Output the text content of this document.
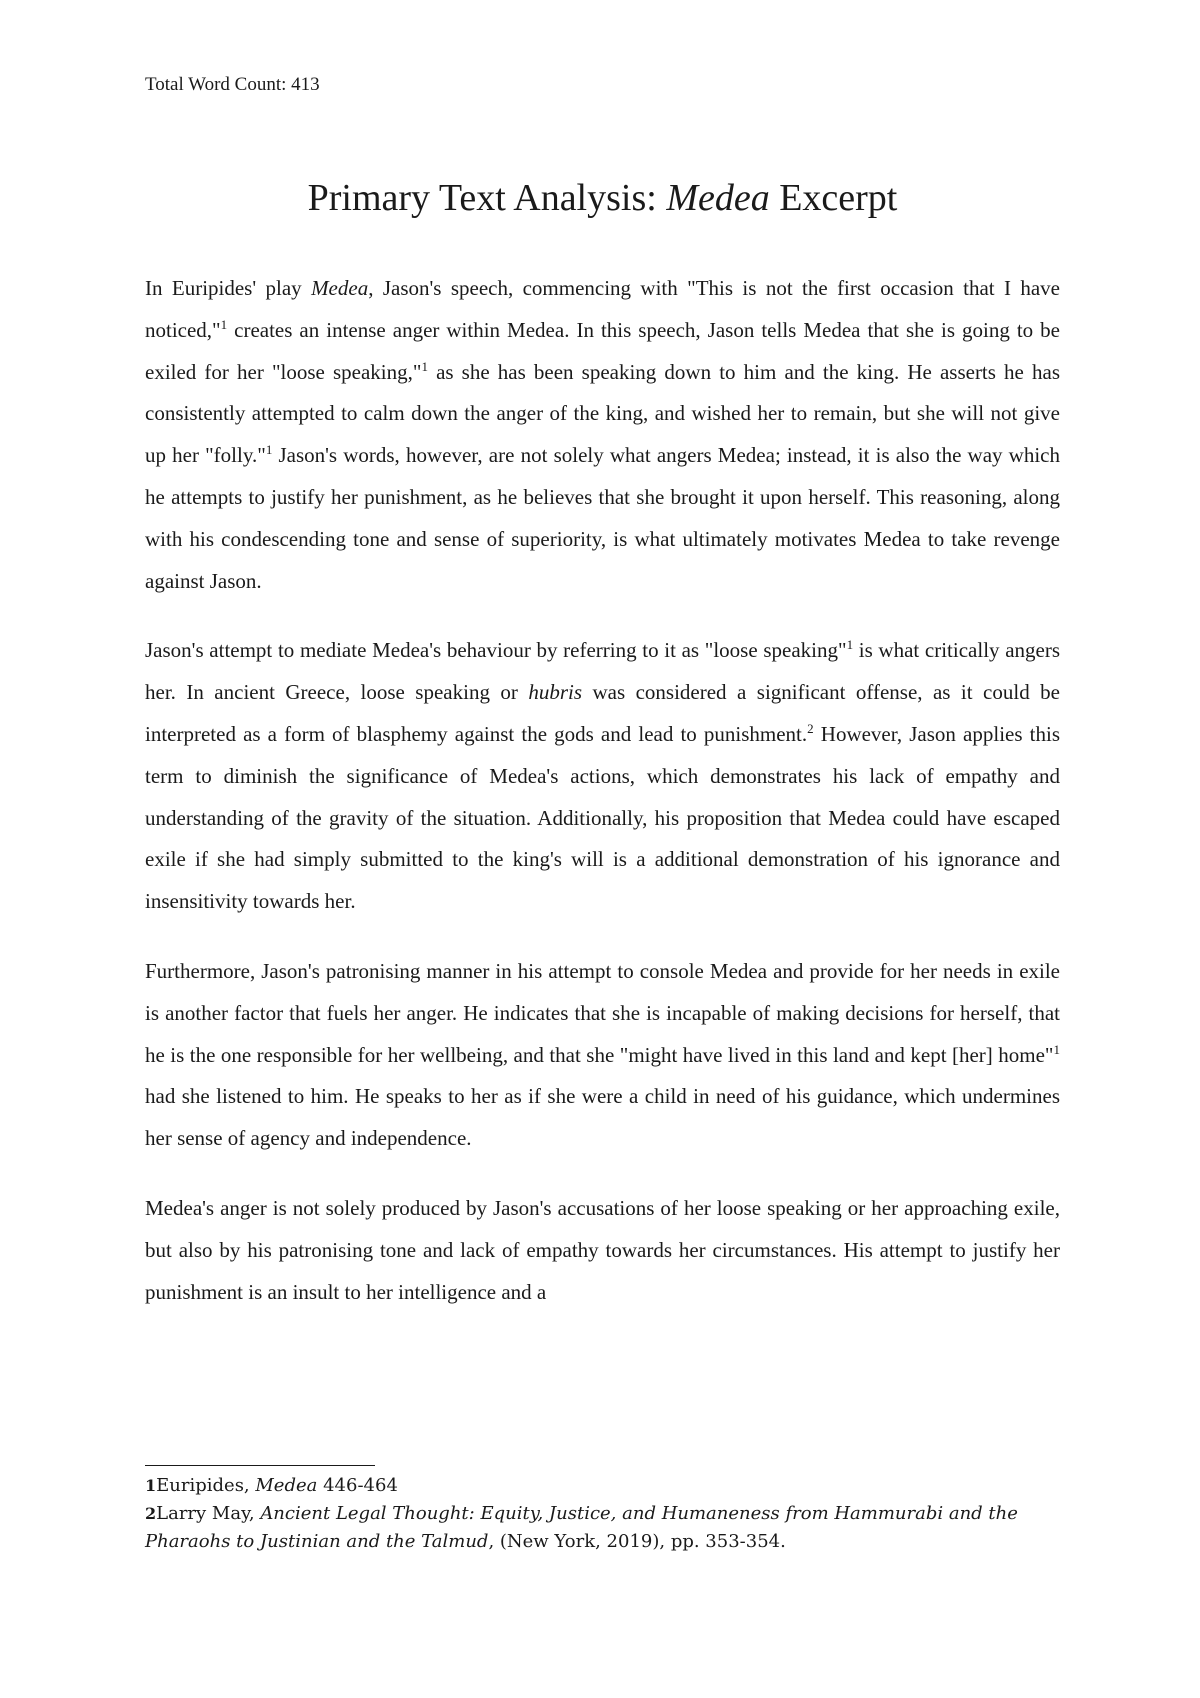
Total Word Count: 413
Primary Text Analysis: Medea Excerpt

In Euripides' play Medea, Jason's speech, commencing with "This is not the first occasion that I have noticed,"$^1$ creates an intense anger within Medea. In this speech, Jason tells Medea that she is going to be exiled for her "loose speaking,"$^1$ as she has been speaking down to him and the king. He asserts he has consistently attempted to calm down the anger of the king, and wished her to remain, but she will not give up her "folly."$^1$ Jason's words, however, are not solely what angers Medea; instead, it is also the way which he attempts to justify her punishment, as he believes that she brought it upon herself. This reasoning, along with his condescending tone and sense of superiority, is what ultimately motivates Medea to take revenge against Jason.

Jason's attempt to mediate Medea's behaviour by referring to it as "loose speaking"$^1$ is what critically angers her. In ancient Greece, loose speaking or hubris was considered a significant offense, as it could be interpreted as a form of blasphemy against the gods and lead to punishment.$^2$ However, Jason applies this term to diminish the significance of Medea's actions, which demonstrates his lack of empathy and understanding of the gravity of the situation. Additionally, his proposition that Medea could have escaped exile if she had simply submitted to the king's will is a additional demonstration of his ignorance and insensitivity towards her.

Furthermore, Jason's patronising manner in his attempt to console Medea and provide for her needs in exile is another factor that fuels her anger. He indicates that she is incapable of making decisions for herself, that he is the one responsible for her wellbeing, and that she "might have lived in this land and kept [her] home"$^1$ had she listened to him. He speaks to her as if she were a child in need of his guidance, which undermines her sense of agency and independence.

Medea's anger is not solely produced by Jason's accusations of her loose speaking or her approaching exile, but also by his patronising tone and lack of empathy towards her circumstances. His attempt to justify her punishment is an insult to her intelligence and a

1Euripides, Medea 446-464

2Larry May, Ancient Legal Thought: Equity, Justice, and Humaneness from Hammurabi and the Pharaohs to Justinian and the Talmud, (New York, 2019), pp. 353-354.
